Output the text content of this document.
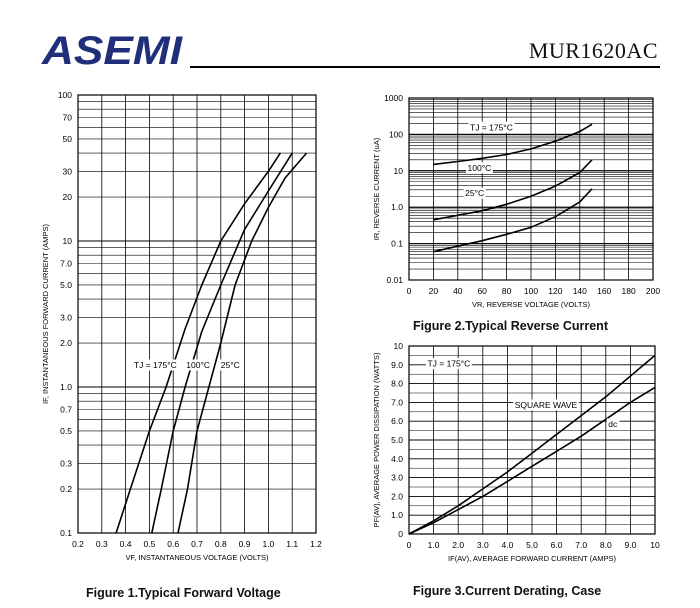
ASEMI	MUR1620AC
0.2 0.3 0.4 0.5 0.6 0.7 0.8 0.9 1.0 1.1 1.2
0.1
0.2
0.3
0.5
0.7
1.0
2.0
3.0
5.0
7.0
10
20
30
50
70
100
VF, INSTANTANEOUS VOLTAGE (VOLTS)
IF, INSTANTANEOUS FORWARD CURRENT (AMPS)	TJ = 175°C 100°C 25°C
0 20 40 60 80 100 120 140 160 180 200
0.01
0.1
1.0
10
100
1000
VR, REVERSE VOLTAGE (VOLTS)
IR, REVERSE CURRENT (uA)
TJ = 175°C
100°C
25°C
0 1.0 2.0 3.0 4.0 5.0 6.0 7.0 8.0 9.0 10
0
1.0
2.0
3.0
4.0
5.0
6.0
7.0
8.0
9.0
10
IF(AV), AVERAGE FORWARD CURRENT (AMPS)
PF(AV), AVERAGE POWER DISSIPATION (WATTS)	TJ = 175°C
SQUARE WAVE
dc
Figure 1.Typical Forward Voltage
Figure 2.Typical Reverse Current
Figure 3.Current Derating, Case
